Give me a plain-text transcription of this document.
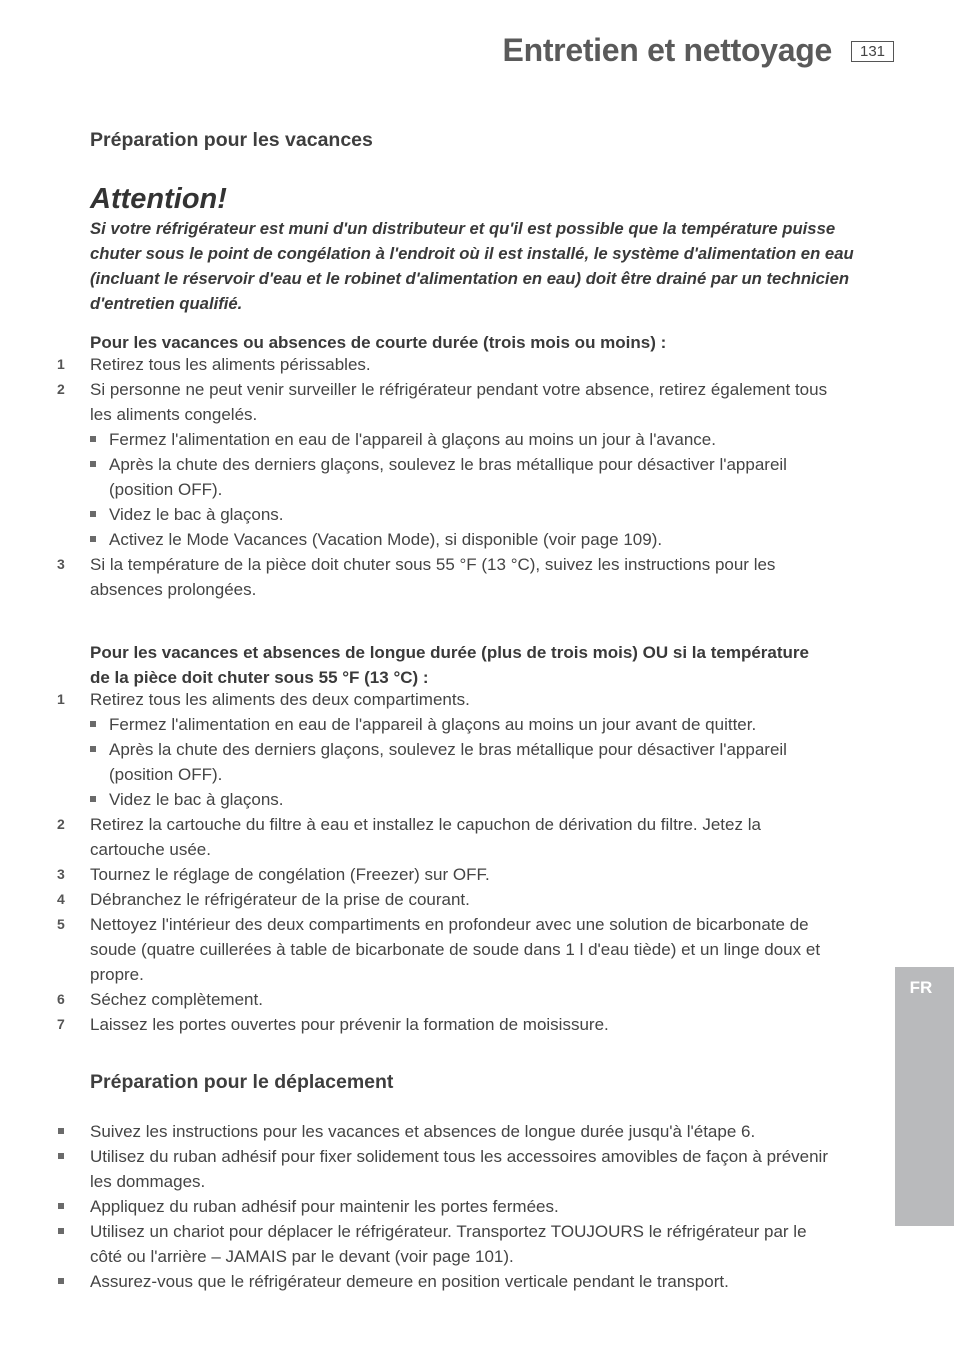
Entretien et nettoyage	131
Préparation pour les vacances
Attention!
Si votre réfrigérateur est muni d'un distributeur et qu'il est possible que la température puisse
chuter sous le point de congélation à l'endroit où il est installé, le système d'alimentation en eau
(incluant le réservoir d'eau et le robinet d'alimentation en eau) doit être drainé par un technicien
d'entretien qualifié.
Pour les vacances ou absences de courte durée (trois mois ou moins) :
1	Retirez tous les aliments périssables.
2	Si personne ne peut venir surveiller le réfrigérateur pendant votre absence, retirez également tous
les aliments congelés.
Fermez l'alimentation en eau de l'appareil à glaçons au moins un jour à l'avance.
Après la chute des derniers glaçons, soulevez le bras métallique pour désactiver l'appareil
(position OFF).
Videz le bac à glaçons.
Activez le Mode Vacances (Vacation Mode), si disponible (voir page 109).
3	Si la température de la pièce doit chuter sous 55 °F (13 °C), suivez les instructions pour les
absences prolongées.
Pour les vacances et absences de longue durée (plus de trois mois) OU si la température
de la pièce doit chuter sous 55 °F (13 °C) :
1	Retirez tous les aliments des deux compartiments.
Fermez l'alimentation en eau de l'appareil à glaçons au moins un jour avant de quitter.
Après la chute des derniers glaçons, soulevez le bras métallique pour désactiver l'appareil
(position OFF).
Videz le bac à glaçons.
2	Retirez la cartouche du filtre à eau et installez le capuchon de dérivation du filtre. Jetez la
cartouche usée.
3	Tournez le réglage de congélation (Freezer) sur OFF.
4	Débranchez le réfrigérateur de la prise de courant.
5	Nettoyez l'intérieur des deux compartiments en profondeur avec une solution de bicarbonate de
soude (quatre cuillerées à table de bicarbonate de soude dans 1 l d'eau tiède) et un linge doux et
propre.
6	Séchez complètement.
7	Laissez les portes ouvertes pour prévenir la formation de moisissure.
Préparation pour le déplacement
Suivez les instructions pour les vacances et absences de longue durée jusqu'à l'étape 6.
Utilisez du ruban adhésif pour fixer solidement tous les accessoires amovibles de façon à prévenir
les dommages.
Appliquez du ruban adhésif pour maintenir les portes fermées.
Utilisez un chariot pour déplacer le réfrigérateur. Transportez TOUJOURS le réfrigérateur par le
côté ou l'arrière – JAMAIS par le devant (voir page 101).
Assurez-vous que le réfrigérateur demeure en position verticale pendant le transport.
FR
